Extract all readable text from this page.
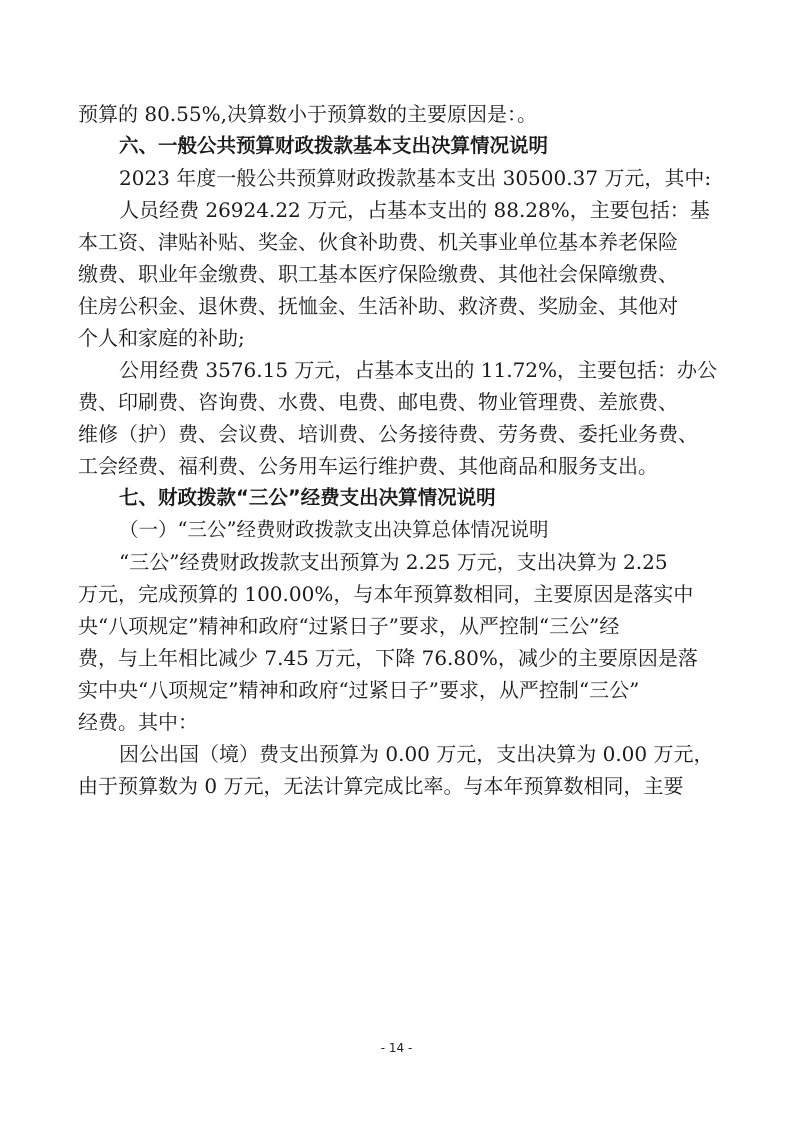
预算的 80.55%,决算数小于预算数的主要原因是：。
六、一般公共预算财政拨款基本支出决算情况说明
2023 年度一般公共预算财政拨款基本支出 30500.37 万元，其中:
人员经费 26924.22 万元，占基本支出的 88.28%，主要包括：基
本工资、津贴补贴、奖金、伙食补助费、机关事业单位基本养老保险
缴费、职业年金缴费、职工基本医疗保险缴费、其他社会保障缴费、
住房公积金、退休费、抚恤金、生活补助、救济费、奖励金、其他对
个人和家庭的补助;
公用经费 3576.15 万元，占基本支出的 11.72%，主要包括：办公
费、印刷费、咨询费、水费、电费、邮电费、物业管理费、差旅费、
维修（护）费、会议费、培训费、公务接待费、劳务费、委托业务费、
工会经费、福利费、公务用车运行维护费、其他商品和服务支出。
七、财政拨款“三公”经费支出决算情况说明
（一）“三公”经费财政拨款支出决算总体情况说明
“三公”经费财政拨款支出预算为 2.25 万元，支出决算为 2.25
万元，完成预算的 100.00%，与本年预算数相同，主要原因是落实中
央“八项规定”精神和政府“过紧日子”要求，从严控制“三公”经
费，与上年相比减少 7.45 万元，下降 76.80%，减少的主要原因是落
实中央“八项规定”精神和政府“过紧日子”要求，从严控制“三公”
经费。其中：
因公出国（境）费支出预算为 0.00 万元，支出决算为 0.00 万元，
由于预算数为 0 万元，无法计算完成比率。与本年预算数相同，主要
- 14 -
